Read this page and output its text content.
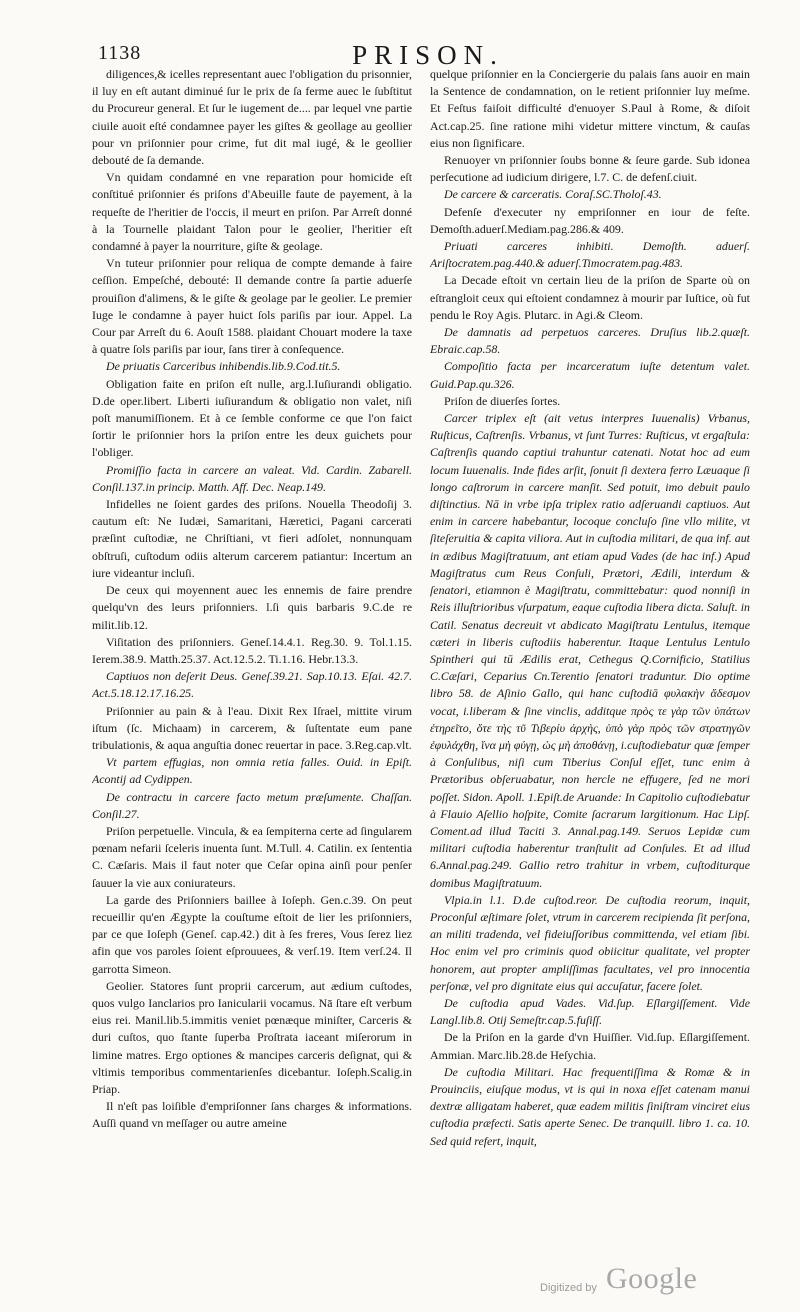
1138	PRISON.

diligences,& icelles representant auec l'obligation du prisonnier, il luy en eſt autant diminué ſur le prix de ſa ferme auec le ſubſtitut du Procureur general. Et ſur le iugement de.... par lequel vne partie ciuile auoit eſté condamnee payer les giſtes & geollage au geollier pour vn priſonnier pour crime, fut dit mal iugé, & le geollier debouté de ſa demande.

Vn quidam condamné en vne reparation pour homicide eſt conſtitué priſonnier és priſons d'Abeuille faute de payement, à la requeſte de l'heritier de l'occis, il meurt en priſon. Par Arreſt donné à la Tournelle plaidant Talon pour le geolier, l'heritier eſt condamné à payer la nourriture, giſte & geolage.

Vn tuteur priſonnier pour reliqua de compte demande à faire ceſſion. Empeſché, debouté: Il demande contre ſa partie aduerſe prouiſion d'alimens, & le giſte & geolage par le geolier. Le premier Iuge le condamne à payer huict ſols pariſis par iour. Appel. La Cour par Arreſt du 6. Aouſt 1588. plaidant Chouart modere la taxe à quatre ſols pariſis par iour, ſans tirer à conſequence.

De priuatis Carceribus inhibendis.lib.9.Cod.tit.5.

Obligation faite en priſon eſt nulle, arg.l.Iuſiurandi obligatio. D.de oper.libert. Liberti iuſiurandum & obligatio non valet, niſi poſt manumiſſionem. Et à ce ſemble conforme ce que l'on faict ſortir le priſonnier hors la priſon entre les deux guichets pour l'obliger.

Promiſſio facta in carcere an valeat. Vid. Cardin. Zabarell. Conſil.137.in princip. Matth. Aff. Dec. Neap.149.

Infidelles ne ſoient gardes des priſons. Nouella Theodoſij 3. cautum eſt: Ne Iudæi, Samaritani, Hæretici, Pagani carcerati præſint cuſtodiæ, ne Chriſtiani, vt fieri adſolet, nonnunquam obſtruſi, cuſtodum odiis alterum carcerem patiantur: Incertum an iure videantur incluſi.

De ceux qui moyennent auec les ennemis de faire prendre quelqu'vn des leurs priſonniers. l.ſi quis barbaris 9.C.de re milit.lib.12.

Viſitation des priſonniers. Geneſ.14.4.1. Reg.30. 9. Tol.1.15. Ierem.38.9. Matth.25.37. Act.12.5.2. Ti.1.16. Hebr.13.3.

Captiuos non deſerit Deus. Geneſ.39.21. Sap.10.13. Eſai. 42.7. Act.5.18.12.17.16.25.

Priſonnier au pain & à l'eau. Dixit Rex Iſrael, mittite virum iſtum (ſc. Michaam) in carcerem, & ſuſtentate eum pane tribulationis, & aqua anguſtia donec reuertar in pace. 3.Reg.cap.vlt.

Vt partem effugias, non omnia retia falles. Ouid. in Epiſt. Acontij ad Cydippen.

De contractu in carcere facto metum præſumente. Chaſſan. Conſil.27.

Priſon perpetuelle. Vincula, & ea ſempiterna certe ad ſingularem pœnam nefarii ſceleris inuenta ſunt. M.Tull. 4. Catilin. ex ſententia C. Cæſaris. Mais il faut noter que Ceſar opina ainſi pour penſer ſauuer la vie aux coniurateurs.

La garde des Priſonniers baillee à Ioſeph. Gen.c.39. On peut recueillir qu'en Ægypte la couſtume eſtoit de lier les priſonniers, par ce que Ioſeph (Geneſ. cap.42.) dit à ſes freres, Vous ſerez liez afin que vos paroles ſoient eſprouuees, & verſ.19. Item verſ.24. Il garrotta Simeon.

Geolier. Statores ſunt proprii carcerum, aut ædium cuſtodes, quos vulgo Ianclarios pro Ianicularii vocamus. Nā ſtare eſt verbum eius rei. Manil.lib.5.immitis veniet pœnæque miniſter, Carceris & duri cuſtos, quo ſtante ſuperba Proſtrata iaceant miſerorum in limine matres. Ergo optiones & mancipes carceris deſignat, qui & vltimis temporibus commentarienſes dicebantur. Ioſeph.Scalig.in Priap.

Il n'eſt pas loiſible d'empriſonner ſans charges & informations. Auſſi quand vn meſſager ou autre ameine

quelque priſonnier en la Conciergerie du palais ſans auoir en main la Sentence de condamnation, on le retient priſonnier luy meſme. Et Feſtus faiſoit difficulté d'enuoyer S.Paul à Rome, & diſoit Act.cap.25. ſine ratione mihi videtur mittere vinctum, & cauſas eius non ſignificare.

Renuoyer vn priſonnier ſoubs bonne & ſeure garde. Sub idonea perſecutione ad iudicium dirigere, l.7. C. de defenſ.ciuit.

De carcere & carceratis. Coraſ.SC.Tholoſ.43.

Defenſe d'executer ny empriſonner en iour de feſte. Demoſth.aduerſ.Mediam.pag.286.& 409.

Priuati carceres inhibiti. Demoſth. aduerſ. Ariſtocratem.pag.440.& aduerſ.Timocratem.pag.483.

La Decade eſtoit vn certain lieu de la priſon de Sparte où on eſtrangloit ceux qui eſtoient condamnez à mourir par Iuſtice, où fut pendu le Roy Agis. Plutarc. in Agi.& Cleom.

De damnatis ad perpetuos carceres. Druſius lib.2.quæſt. Ebraic.cap.58.

Compoſitio facta per incarceratum iuſte detentum valet. Guid.Pap.qu.326.

Priſon de diuerſes ſortes.

Carcer triplex eſt (ait vetus interpres Iuuenalis) Vrbanus, Ruſticus, Caſtrenſis. Vrbanus, vt ſunt Turres: Ruſticus, vt ergaſtula: Caſtrenſis quando captiui trahuntur catenati. Notat hoc ad eum locum Iuuenalis. Inde fides arſit, ſonuit ſi dextera ferro Læuaque ſi longo caſtrorum in carcere manſit. Sed potuit, imo debuit paulo diſtinctius. Nā in vrbe ipſa triplex ratio adſeruandi captiuos. Aut enim in carcere habebantur, locoque concluſo ſine vllo milite, vt ſiteſeruitia & capita viliora. Aut in cuſtodia militari, de qua inf. aut in ædibus Magiſtratuum, ant etiam apud Vades (de hac inf.) Apud Magiſtratus cum Reus Conſuli, Prætori, Ædili, interdum & ſenatori, etiamnon è Magiſtratu, committebatur: quod nonniſi in Reis illuſtrioribus vſurpatum, eaque cuſtodia libera dicta. Saluſt. in Catil. Senatus decreuit vt abdicato Magiſtratu Lentulus, itemque cæteri in liberis cuſtodiis haberentur. Itaque Lentulus Lentulo Spintheri qui tū Ædilis erat, Cethegus Q.Cornificio, Statilius C.Cæſari, Ceparius Cn.Terentio ſenatori traduntur. Dio optime libro 58. de Aſinio Gallo, qui hanc cuſtodiā φυλακὴν ἄδεσμον vocat, i.liberam & ſine vinclis, additque πρὸς τε γὰρ τῶν ὑπάτων ἐτηρεῖτο, ὅτε τὴς τῦ Τιβερίυ ἀρχὴς, ὑπὸ γὰρ πρὸς τῶν στρατηγῶν ἐφυλάχθη, ἵνα μὴ φύγῃ, ὡς μὴ ἀποθάνῃ, i.cuſtodiebatur quæ ſemper à Conſulibus, niſi cum Tiberius Conſul eſſet, tunc enim à Prætoribus obſeruabatur, non hercle ne effugere, ſed ne mori poſſet. Sidon. Apoll. 1.Epiſt.de Aruande: In Capitolio cuſtodiebatur à Flauio Aſellio hoſpite, Comite ſacrarum largitionum. Hac Lipſ. Coment.ad illud Taciti 3. Annal.pag.149. Seruos Lepidæ cum militari cuſtodia haberentur tranſtulit ad Conſules. Et ad illud 6.Annal.pag.249. Gallio retro trahitur in vrbem, cuſtoditurque domibus Magiſtratuum.

Vlpia.in l.1. D.de cuſtod.reor. De cuſtodia reorum, inquit, Proconſul æſtimare ſolet, vtrum in carcerem recipienda ſit perſona, an militi tradenda, vel fideiuſſoribus committenda, vel etiam ſibi. Hoc enim vel pro criminis quod obiicitur qualitate, vel propter honorem, aut propter ampliſſimas facultates, vel pro innocentia perſonæ, vel pro dignitate eius qui accuſatur, facere ſolet.

De cuſtodia apud Vades. Vid.ſup. Eſlargiſſement. Vide Langl.lib.8. Otij Semeſtr.cap.5.fuſiſſ.

De la Priſon en la garde d'vn Huiſſier. Vid.ſup. Eſlargiſſement. Ammian. Marc.lib.28.de Heſychia.

De cuſtodia Militari. Hac frequentiſſima & Romæ & in Prouinciis, eiuſque modus, vt is qui in noxa eſſet catenam manui dextræ alligatam haberet, quæ eadem militis ſiniſtram vinciret eius cuſtodia præfecti. Satis aperte Senec. De tranquill. libro 1. ca. 10. Sed quid refert, inquit,

Digitized by Google
